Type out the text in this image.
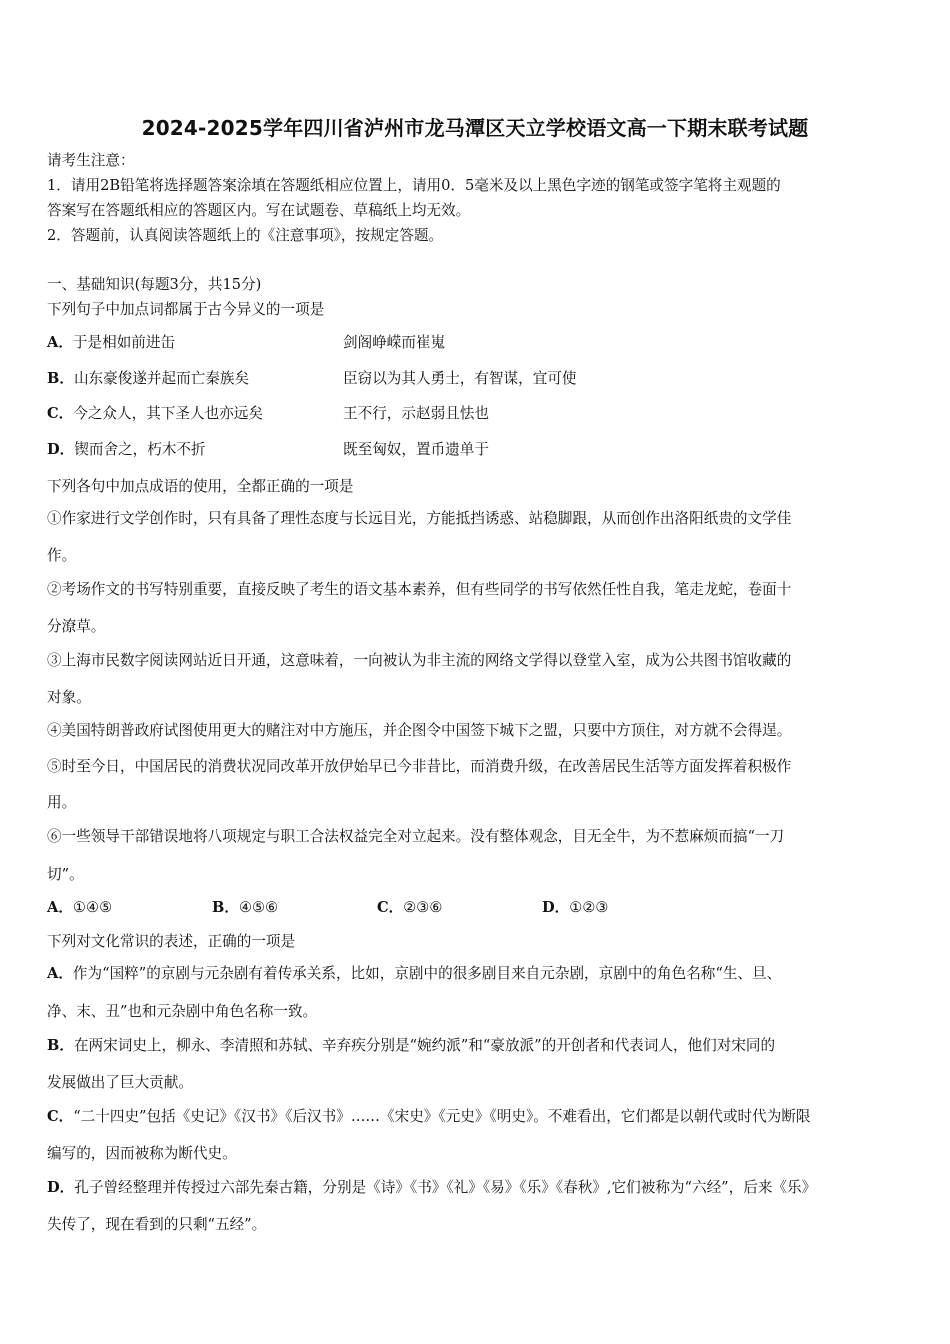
2024-2025学年四川省泸州市龙马潭区天立学校语文高一下期末联考试题
请考生注意：
1．请用2B铅笔将选择题答案涂填在答题纸相应位置上，请用0．5毫米及以上黑色字迹的钢笔或签字笔将主观题的
答案写在答题纸相应的答题区内。写在试题卷、草稿纸上均无效。
2．答题前，认真阅读答题纸上的《注意事项》，按规定答题。
一、基础知识(每题3分，共15分)
下列句子中加点词都属于古今异义的一项是
A．于是相如前进缶	剑阁峥嵘而崔嵬
B．山东豪俊遂并起而亡秦族矣	臣窃以为其人勇士，有智谋，宜可使
C．今之众人，其下圣人也亦远矣	王不行，示赵弱且怯也
D．锲而舍之，朽木不折	既至匈奴，置币遗单于
下列各句中加点成语的使用，全都正确的一项是
①作家进行文学创作时，只有具备了理性态度与长远目光，方能抵挡诱惑、站稳脚跟，从而创作出洛阳纸贵的文学佳
作。
②考场作文的书写特别重要，直接反映了考生的语文基本素养，但有些同学的书写依然任性自我，笔走龙蛇，卷面十
分潦草。
③上海市民数字阅读网站近日开通，这意味着，一向被认为非主流的网络文学得以登堂入室，成为公共图书馆收藏的
对象。
④美国特朗普政府试图使用更大的赌注对中方施压，并企图令中国签下城下之盟，只要中方顶住，对方就不会得逞。
⑤时至今日，中国居民的消费状况同改革开放伊始早已今非昔比，而消费升级，在改善居民生活等方面发挥着积极作
用。
⑥一些领导干部错误地将八项规定与职工合法权益完全对立起来。没有整体观念，目无全牛，为不惹麻烦而搞“一刀
切”。
A．①④⑤	B．④⑤⑥	C．②③⑥	D．①②③
下列对文化常识的表述，正确的一项是
A．作为“国粹”的京剧与元杂剧有着传承关系，比如，京剧中的很多剧目来自元杂剧，京剧中的角色名称“生、旦、
净、末、丑”也和元杂剧中角色名称一致。
B．在两宋词史上，柳永、李清照和苏轼、辛弃疾分别是“婉约派”和“豪放派”的开创者和代表词人，他们对宋同的
发展做出了巨大贡献。
C．“二十四史”包括《史记》《汉书》《后汉书》……《宋史》《元史》《明史》。不难看出，它们都是以朝代或时代为断限
编写的，因而被称为断代史。
D．孔子曾经整理并传授过六部先秦古籍，分别是《诗》《书》《礼》《易》《乐》《春秋》,它们被称为“六经”，后来《乐》
失传了，现在看到的只剩“五经”。
